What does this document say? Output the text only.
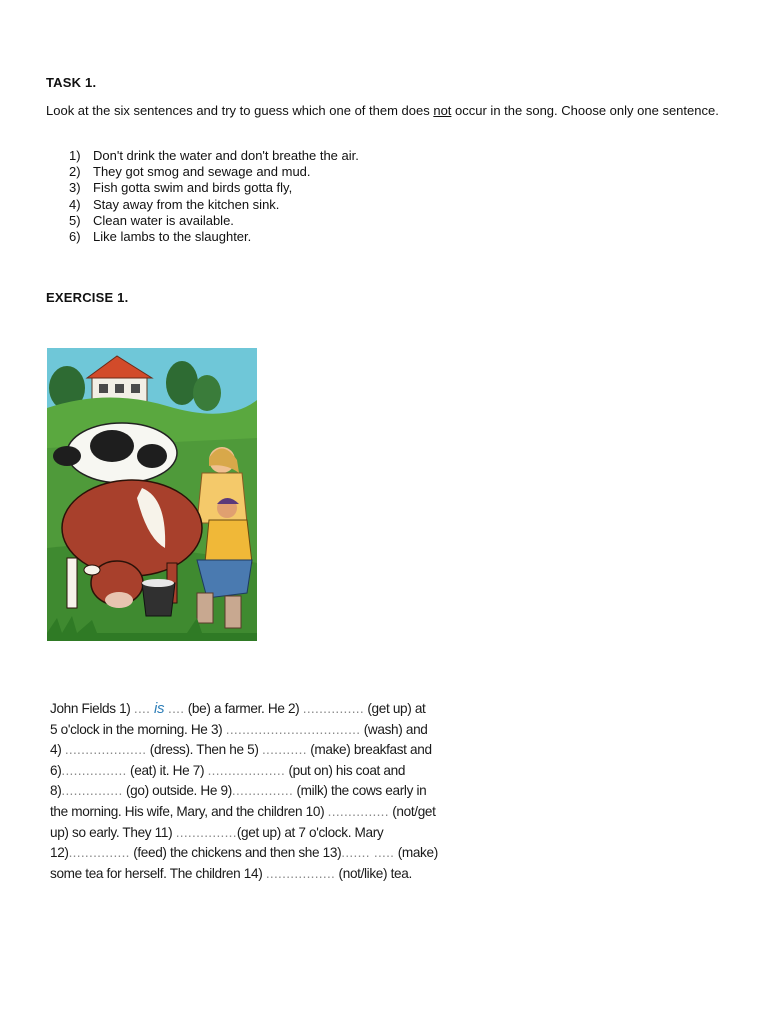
TASK 1.
Look at the six sentences and try to guess which one of them does not occur in the song. Choose only one sentence.
1) Don't drink the water and don't breathe the air.
2) They got smog and sewage and mud.
3) Fish gotta swim and birds gotta fly,
4) Stay away from the kitchen sink.
5) Clean water is available.
6) Like lambs to the slaughter.
EXERCISE 1.
John Fields 1) .... is .... (be) a farmer. He 2) ............... (get up) at
5 o'clock in the morning. He 3) ................................. (wash) and
4) .................... (dress). Then he 5) ........... (make) breakfast and
6)................ (eat) it. He 7) ................... (put on) his coat and
8)............... (go) outside. He 9)............... (milk) the cows early in
the morning. His wife, Mary, and the children 10) ............... (not/get
up) so early. They 11) ...............(get up) at 7 o'clock. Mary
12)............... (feed) the chickens and then she 13)....... ..... (make)
some tea for herself. The children 14) ................. (not/like) tea.
